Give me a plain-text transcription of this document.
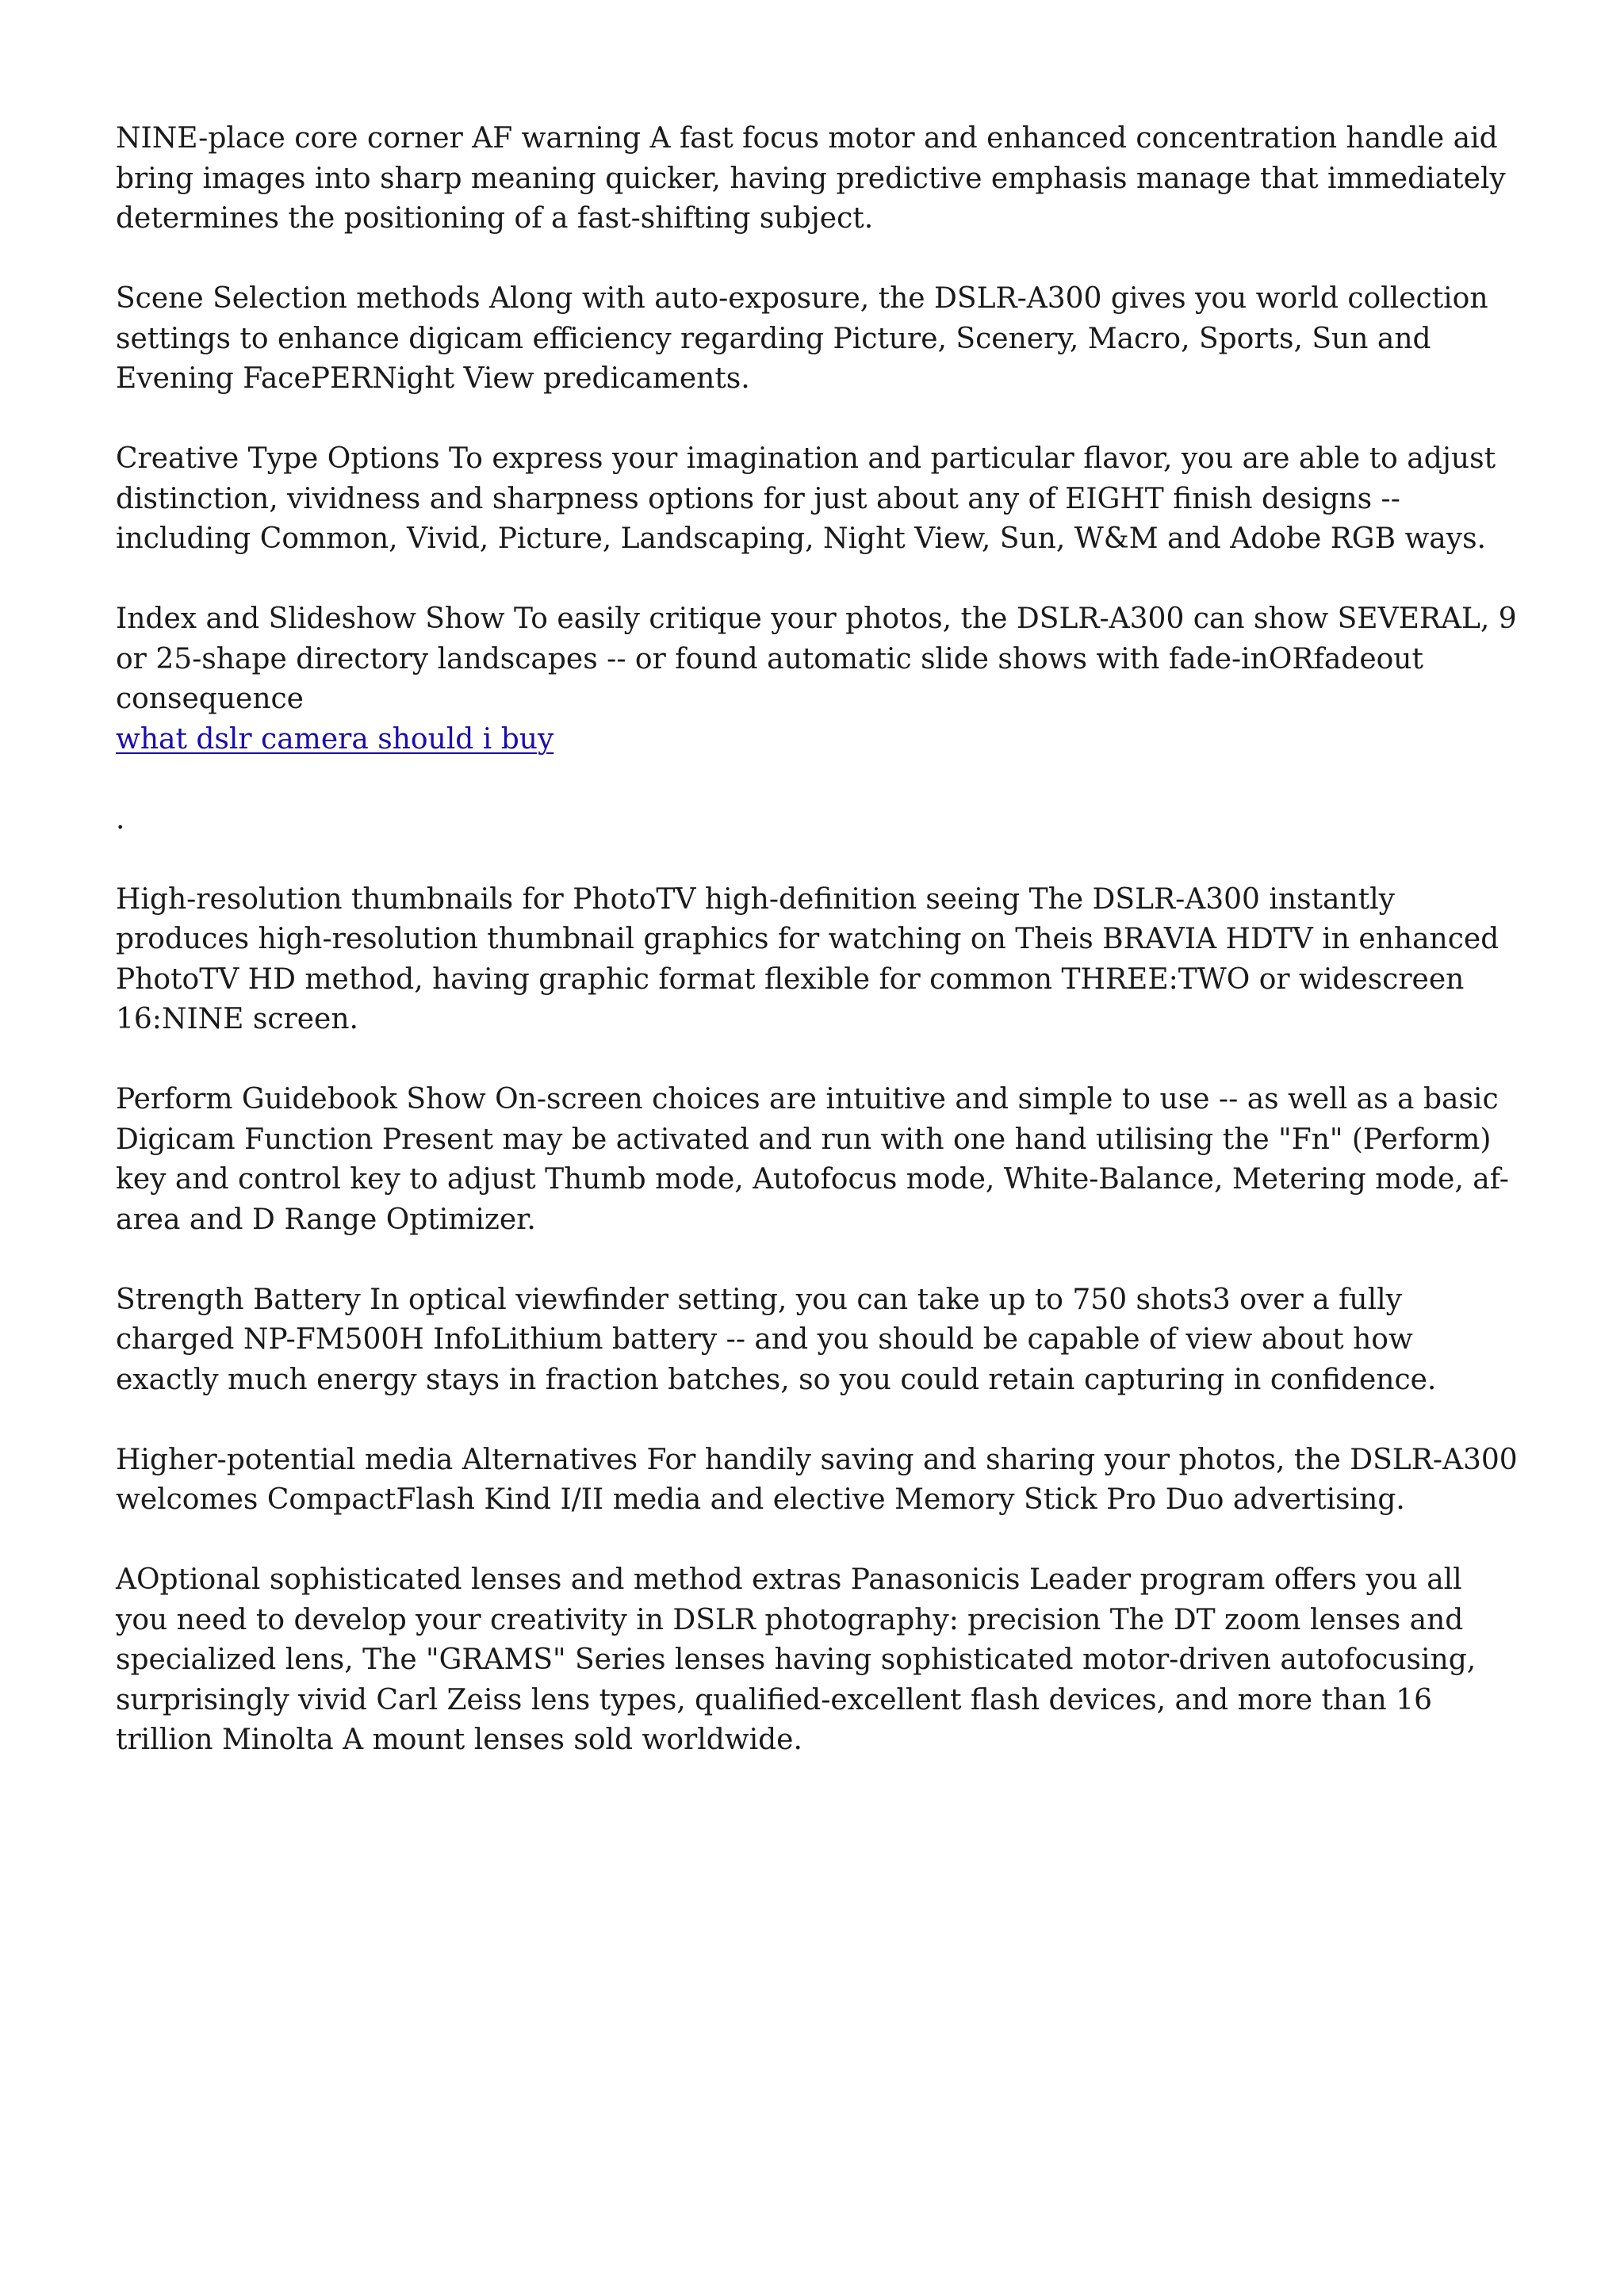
NINE-place core corner AF warning A fast focus motor and enhanced concentration handle aid bring images into sharp meaning quicker, having predictive emphasis manage that immediately determines the positioning of a fast-shifting subject.

Scene Selection methods Along with auto-exposure, the DSLR-A300 gives you world collection settings to enhance digicam efficiency regarding Picture, Scenery, Macro, Sports, Sun and Evening FacePERNight View predicaments.

Creative Type Options To express your imagination and particular flavor, you are able to adjust distinction, vividness and sharpness options for just about any of EIGHT finish designs -- including Common, Vivid, Picture, Landscaping, Night View, Sun, W&M and Adobe RGB ways.

Index and Slideshow Show To easily critique your photos, the DSLR-A300 can show SEVERAL, 9 or 25-shape directory landscapes -- or found automatic slide shows with fade-inORfadeout consequence
what dslr camera should i buy

.

High-resolution thumbnails for PhotoTV high-definition seeing The DSLR-A300 instantly produces high-resolution thumbnail graphics for watching on Theis BRAVIA HDTV in enhanced PhotoTV HD method, having graphic format flexible for common THREE:TWO or widescreen 16:NINE screen.

Perform Guidebook Show On-screen choices are intuitive and simple to use -- as well as a basic Digicam Function Present may be activated and run with one hand utilising the "Fn" (Perform) key and control key to adjust Thumb mode, Autofocus mode, White-Balance, Metering mode, af-area and D Range Optimizer.

Strength Battery In optical viewfinder setting, you can take up to 750 shots3 over a fully charged NP-FM500H InfoLithium battery -- and you should be capable of view about how exactly much energy stays in fraction batches, so you could retain capturing in confidence.

Higher-potential media Alternatives For handily saving and sharing your photos, the DSLR-A300 welcomes CompactFlash Kind I/II media and elective Memory Stick Pro Duo advertising.

AOptional sophisticated lenses and method extras Panasonicis Leader program offers you all you need to develop your creativity in DSLR photography: precision The DT zoom lenses and specialized lens, The "GRAMS" Series lenses having sophisticated motor-driven autofocusing, surprisingly vivid Carl Zeiss lens types, qualified-excellent flash devices, and more than 16 trillion Minolta A mount lenses sold worldwide.
